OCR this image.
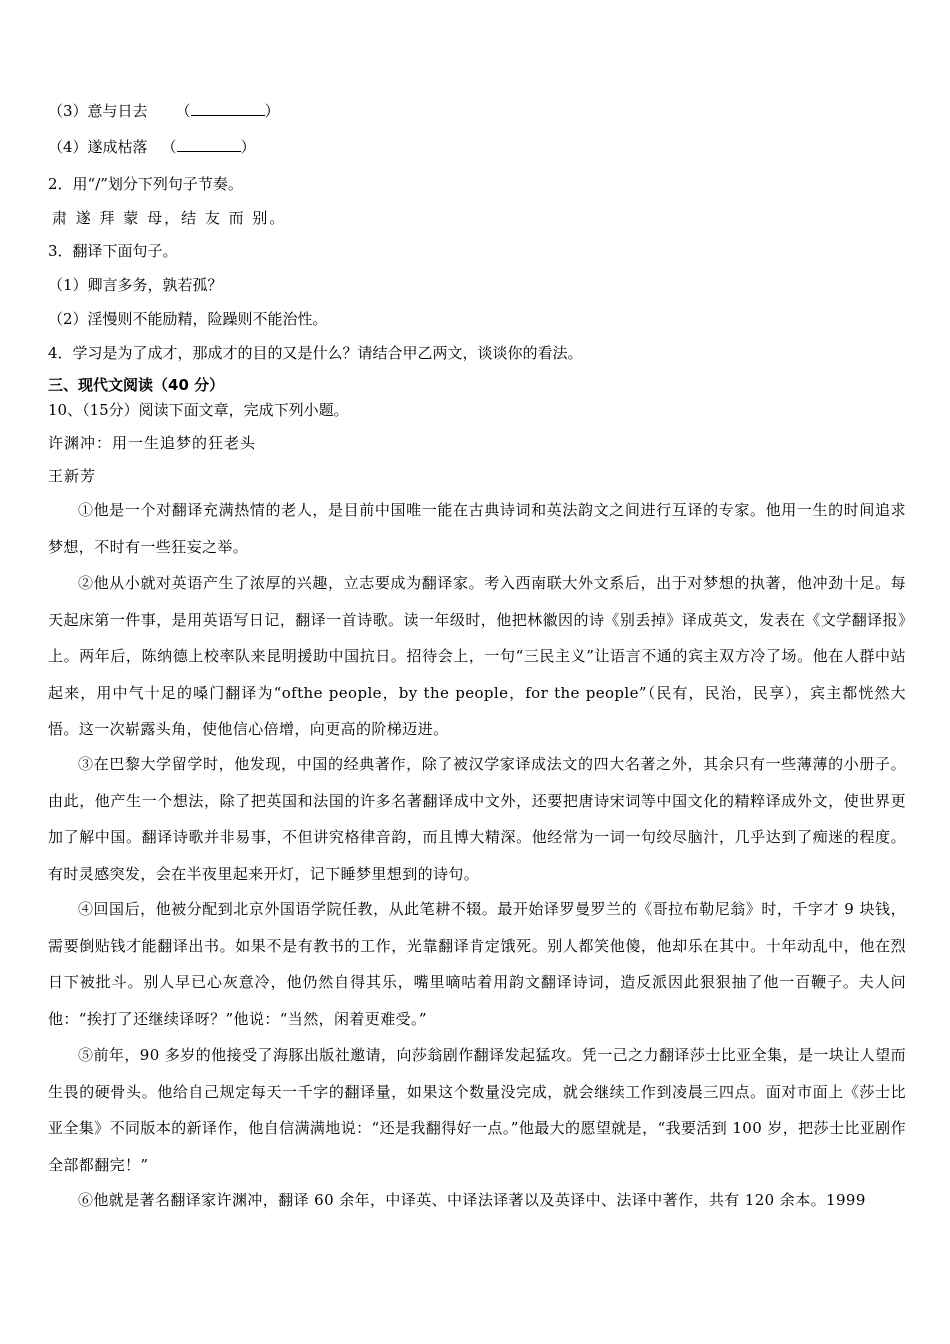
（3）意与日去 （	）
（4）遂成枯落 （	）
2．用“/”划分下列句子节奏。
肃 遂 拜 蒙 母，结 友 而 别。
3．翻译下面句子。
（1）卿言多务，孰若孤？
（2）淫慢则不能励精，险躁则不能治性。
4．学习是为了成才，那成才的目的又是什么？请结合甲乙两文，谈谈你的看法。
三、现代文阅读（40 分）
10、（15分）阅读下面文章，完成下列小题。
许渊冲：用一生追梦的狂老头
王新芳
①他是一个对翻译充满热情的老人，是目前中国唯一能在古典诗词和英法韵文之间进行互译的专家。他用一生的时间追求梦想，不时有一些狂妄之举。
②他从小就对英语产生了浓厚的兴趣，立志要成为翻译家。考入西南联大外文系后，出于对梦想的执著，他冲劲十足。每天起床第一件事，是用英语写日记，翻译一首诗歌。读一年级时，他把林徽因的诗《别丢掉》译成英文，发表在《文学翻译报》上。两年后，陈纳德上校率队来昆明援助中国抗日。招待会上，一句“三民主义”让语言不通的宾主双方冷了场。他在人群中站起来，用中气十足的嗓门翻译为“ofthe people，by the people，for the people”（民有，民治，民享），宾主都恍然大悟。这一次崭露头角，使他信心倍增，向更高的阶梯迈进。
③在巴黎大学留学时，他发现，中国的经典著作，除了被汉学家译成法文的四大名著之外，其余只有一些薄薄的小册子。由此，他产生一个想法，除了把英国和法国的许多名著翻译成中文外，还要把唐诗宋词等中国文化的精粹译成外文，使世界更加了解中国。翻译诗歌并非易事，不但讲究格律音韵，而且博大精深。他经常为一词一句绞尽脑汁，几乎达到了痴迷的程度。有时灵感突发，会在半夜里起来开灯，记下睡梦里想到的诗句。
④回国后，他被分配到北京外国语学院任教，从此笔耕不辍。最开始译罗曼罗兰的《哥拉布勒尼翁》时，千字才 9 块钱，需要倒贴钱才能翻译出书。如果不是有教书的工作，光靠翻译肯定饿死。别人都笑他傻，他却乐在其中。十年动乱中，他在烈日下被批斗。别人早已心灰意冷，他仍然自得其乐，嘴里嘀咕着用韵文翻译诗词，造反派因此狠狠抽了他一百鞭子。夫人问他：“挨打了还继续译呀？”他说：“当然，闲着更难受。”
⑤前年，90 多岁的他接受了海豚出版社邀请，向莎翁剧作翻译发起猛攻。凭一己之力翻译莎士比亚全集，是一块让人望而生畏的硬骨头。他给自己规定每天一千字的翻译量，如果这个数量没完成，就会继续工作到凌晨三四点。面对市面上《莎士比亚全集》不同版本的新译作，他自信满满地说：“还是我翻得好一点。”他最大的愿望就是，“我要活到 100 岁，把莎士比亚剧作全部都翻完！”
⑥他就是著名翻译家许渊冲，翻译 60 余年，中译英、中译法译著以及英译中、法译中著作，共有 120 余本。1999
